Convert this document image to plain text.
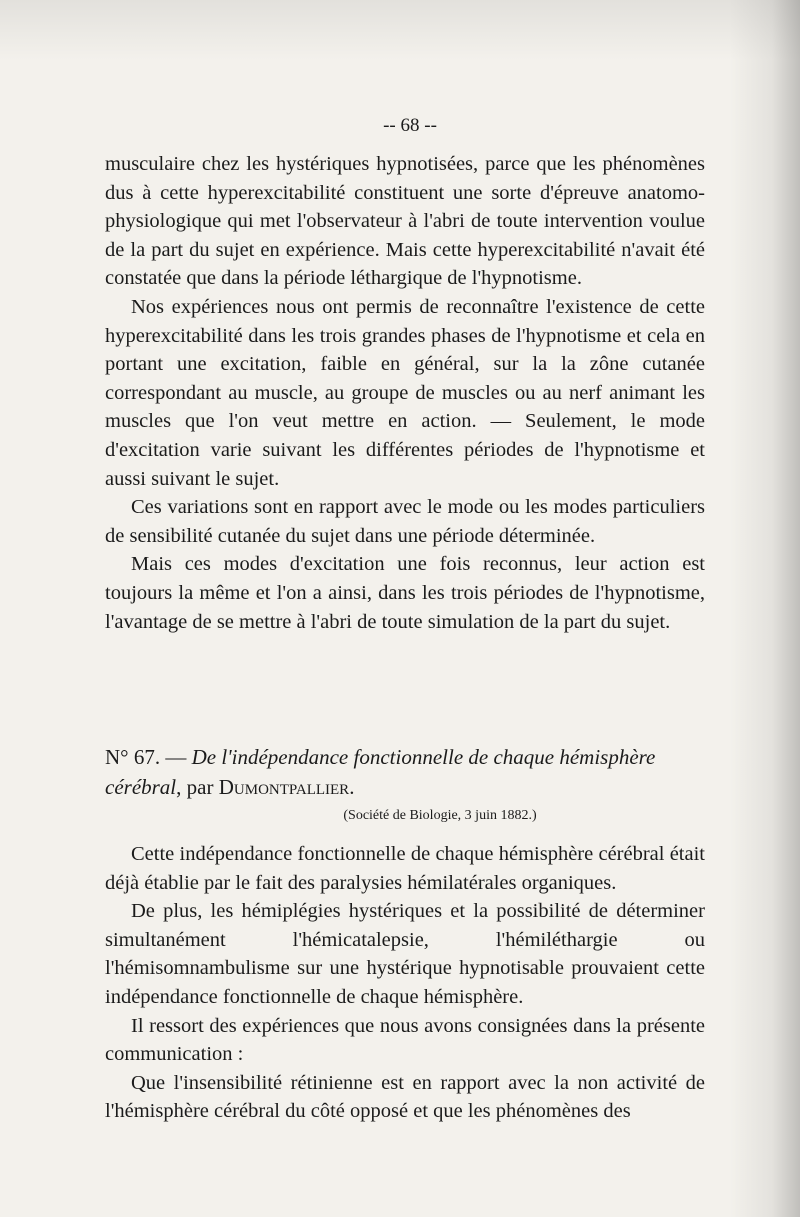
-- 68 --

musculaire chez les hystériques hypnotisées, parce que les phénomènes dus à cette hyperexcitabilité constituent une sorte d'épreuve anatomo-physiologique qui met l'observateur à l'abri de toute intervention voulue de la part du sujet en expérience. Mais cette hyperexcitabilité n'avait été constatée que dans la période léthargique de l'hypnotisme.

Nos expériences nous ont permis de reconnaître l'existence de cette hyperexcitabilité dans les trois grandes phases de l'hypnotisme et cela en portant une excitation, faible en général, sur la la zône cutanée correspondant au muscle, au groupe de muscles ou au nerf animant les muscles que l'on veut mettre en action. — Seulement, le mode d'excitation varie suivant les différentes périodes de l'hypnotisme et aussi suivant le sujet.

Ces variations sont en rapport avec le mode ou les modes particuliers de sensibilité cutanée du sujet dans une période déterminée.

Mais ces modes d'excitation une fois reconnus, leur action est toujours la même et l'on a ainsi, dans les trois périodes de l'hypnotisme, l'avantage de se mettre à l'abri de toute simulation de la part du sujet.

N° 67. — De l'indépendance fonctionnelle de chaque hémisphère cérébral, par Dumontpallier.
(Société de Biologie, 3 juin 1882.)

Cette indépendance fonctionnelle de chaque hémisphère cérébral était déjà établie par le fait des paralysies hémilatérales organiques.

De plus, les hémiplégies hystériques et la possibilité de déterminer simultanément l'hémicatalepsie, l'hémiléthargie ou l'hémisomnambulisme sur une hystérique hypnotisable prouvaient cette indépendance fonctionnelle de chaque hémisphère.

Il ressort des expériences que nous avons consignées dans la présente communication :

Que l'insensibilité rétinienne est en rapport avec la non activité de l'hémisphère cérébral du côté opposé et que les phénomènes des
